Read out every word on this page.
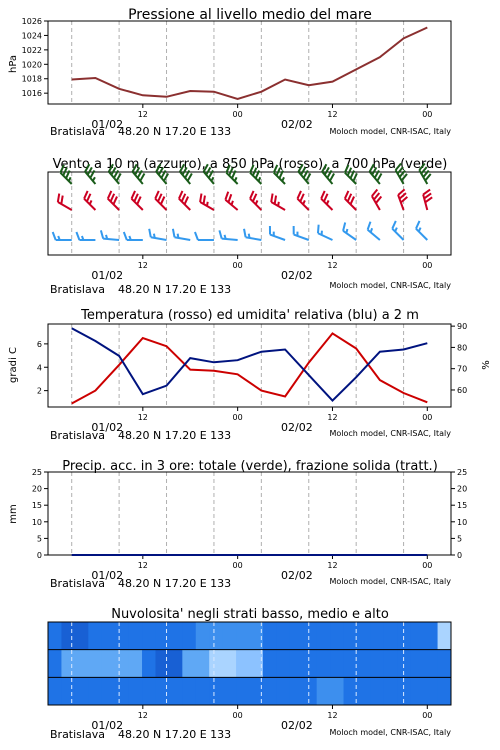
Pressione al livello medio del mare
hPa
1016
1018
1020
1022
1024
1026
12	00	12	00
01/02	02/02
Bratislava 48.20 N 17.20 E 133	Moloch model, CNR-ISAC, Italy
Vento a 10 m (azzurro), a 850 hPa (rosso), a 700 hPa (verde)
12	00	12	00
01/02	02/02
Bratislava 48.20 N 17.20 E 133	Moloch model, CNR-ISAC, Italy
Temperatura (rosso) ed umidita' relativa (blu) a 2 m
gradi C	%
2
4
6
60
70
80
90
12	00	12	00
01/02	02/02
Bratislava 48.20 N 17.20 E 133	Moloch model, CNR-ISAC, Italy
Precip. acc. in 3 ore: totale (verde), frazione solida (tratt.)
mm
0
5
10
15
20
25
0
5
10
15
20
25
12	00	12	00
01/02	02/02
Bratislava 48.20 N 17.20 E 133	Moloch model, CNR-ISAC, Italy
Nuvolosita' negli strati basso, medio e alto
12	00	12	00
01/02	02/02
Bratislava 48.20 N 17.20 E 133	Moloch model, CNR-ISAC, Italy
